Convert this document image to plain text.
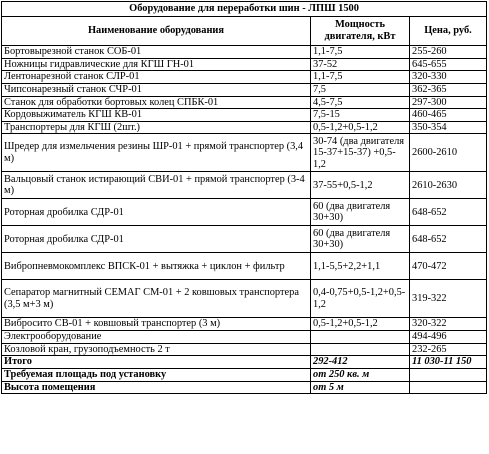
Оборудование для переработки шин - ЛПШ 1500		
Наименование оборудования	Мощность двигателя, кВт	Цена, руб.
Бортовырезной станок СОБ-01	1,1-7,5	255-260
Ножницы гидравлические для КГШ ГН-01	37-52	645-655
Лентонарезной станок СЛР-01	1,1-7,5	320-330
Чипсонарезный станок СЧР-01	7,5	362-365
Станок для обработки бортовых колец СПБК-01	4,5-7,5	297-300
Кордовыжиматель КГШ КВ-01	7,5-15	460-465
Транспортеры для КГШ (2шт.)	0,5-1,2+0,5-1,2	350-354
Шредер для измельчения резины ШР-01 + прямой транспортер (3,4 м)	30-74 (два двигателя 15-37+15-37) +0,5-1,2	2600-2610
Вальцовый станок истирающий СВИ-01 + прямой транспортер (3-4 м)	37-55+0,5-1,2	2610-2630
Роторная дробилка СДР-01	60 (два двигателя 30+30)	648-652
Роторная дробилка СДР-01	60 (два двигателя 30+30)	648-652
Вибропневмокомплекс ВПСК-01 + вытяжка + циклон + фильтр	1,1-5,5+2,2+1,1	470-472
Сепаратор магнитный СЕМАГ СМ-01 + 2 ковшовых транспортера (3,5 м+3 м)	0,4-0,75+0,5-1,2+0,5-1,2	319-322
Вибросито СВ-01 + ковшовый транспортер (3 м)	0,5-1,2+0,5-1,2	320-322
Электрооборудование		494-496
Козловой кран, грузоподъемность 2 т		232-265
Итого	292-412	11 030-11 150
Требуемая площадь под установку	от 250 кв. м	
Высота помещения	от 5 м	
